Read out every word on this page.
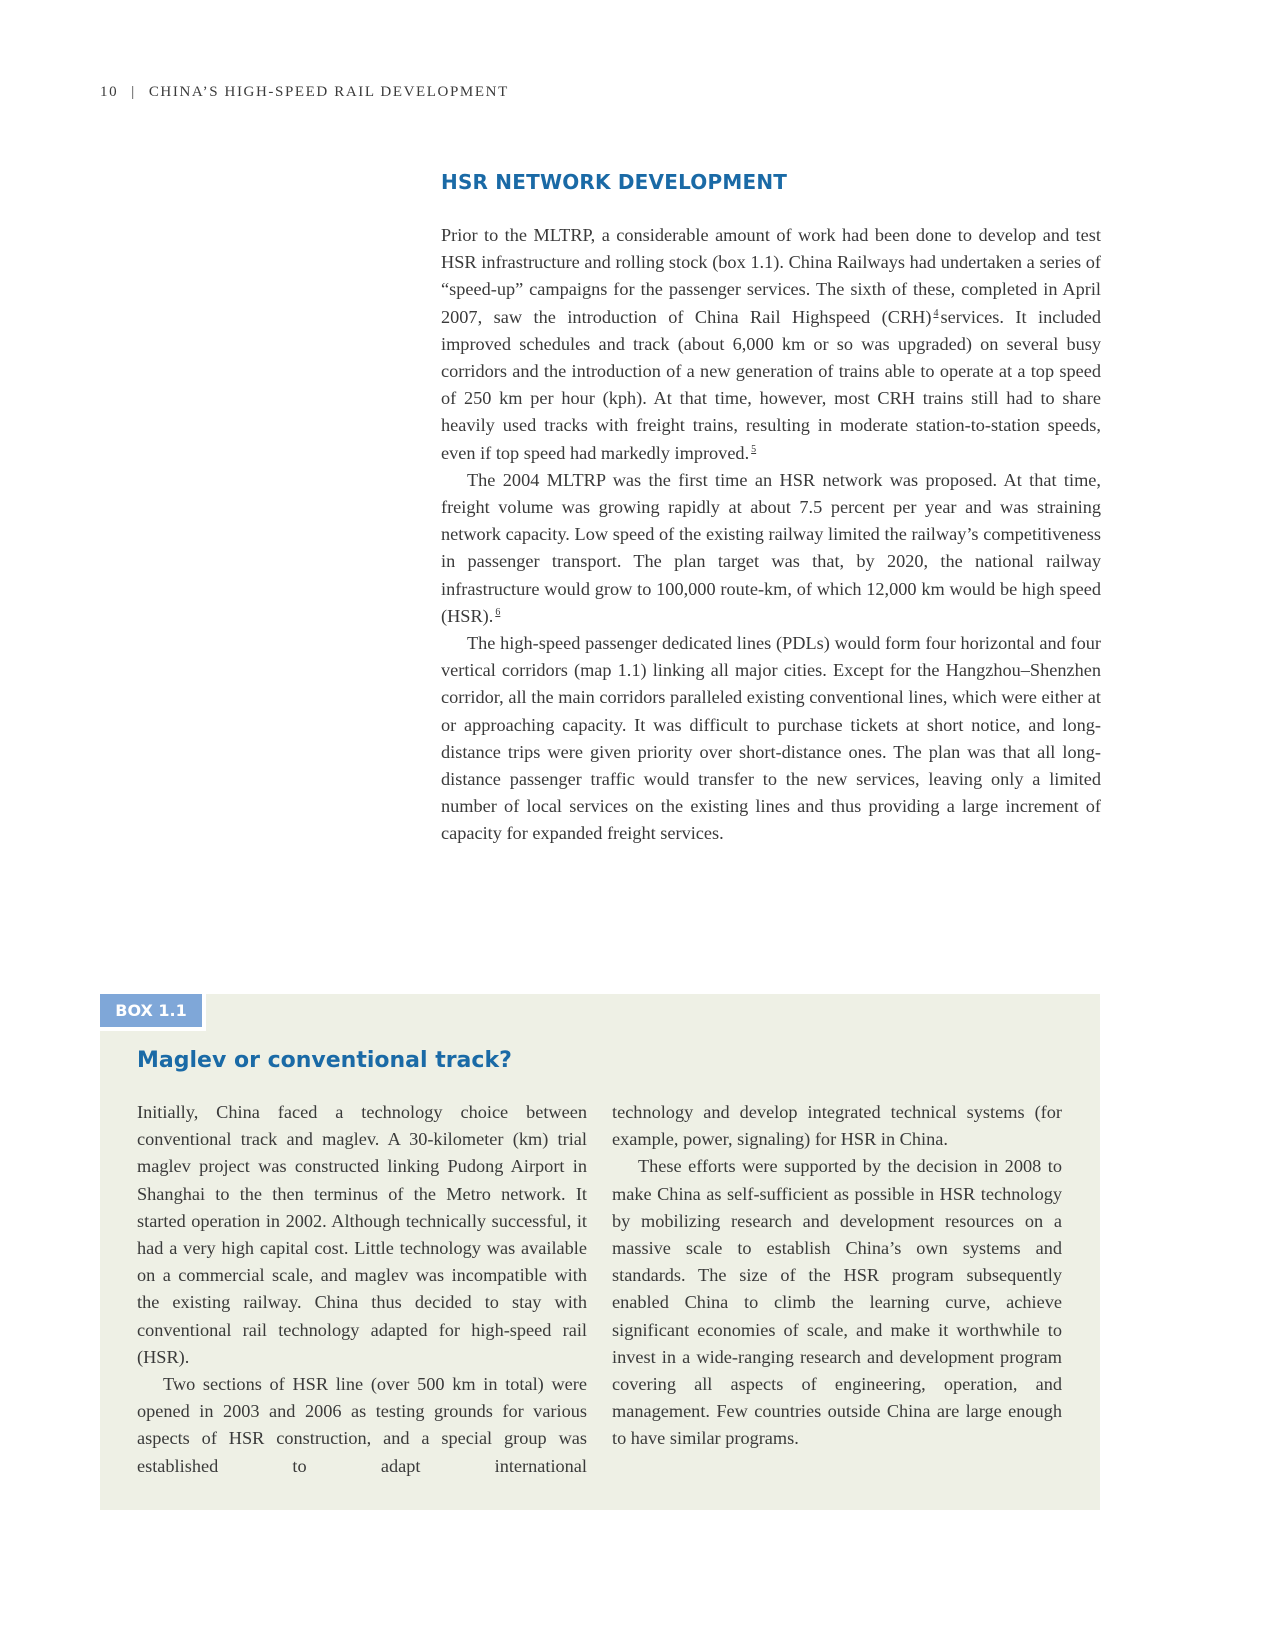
10 | CHINA’S HIGH-SPEED RAIL DEVELOPMENT
HSR NETWORK DEVELOPMENT

Prior to the MLTRP, a considerable amount of work had been done to develop and test HSR infrastructure and rolling stock (box 1.1). China Railways had undertaken a series of “speed-up” campaigns for the passenger services. The sixth of these, completed in April 2007, saw the introduction of China Rail Highspeed (CRH) $^4$ services. It included improved schedules and track (about 6,000 km or so was upgraded) on several busy corridors and the introduction of a new generation of trains able to operate at a top speed of 250 km per hour (kph). At that time, however, most CRH trains still had to share heavily used tracks with freight trains, resulting in moderate station-to-station speeds, even if top speed had markedly improved. $^5$

The 2004 MLTRP was the first time an HSR network was proposed. At that time, freight volume was growing rapidly at about 7.5 percent per year and was straining network capacity. Low speed of the existing railway limited the railway’s competitiveness in passenger transport. The plan target was that, by 2020, the national railway infrastructure would grow to 100,000 route-km, of which 12,000 km would be high speed (HSR). $^6$

The high-speed passenger dedicated lines (PDLs) would form four horizontal and four vertical corridors (map 1.1) linking all major cities. Except for the Hangzhou–Shenzhen corridor, all the main corridors paralleled existing conventional lines, which were either at or approaching capacity. It was difficult to purchase tickets at short notice, and long-distance trips were given priority over short-distance ones. The plan was that all long-distance passenger traffic would transfer to the new services, leaving only a limited number of local services on the existing lines and thus providing a large increment of capacity for expanded freight services.

BOX 1.1
Maglev or conventional track?

Initially, China faced a technology choice between conventional track and maglev. A 30-kilometer (km) trial maglev project was constructed linking Pudong Airport in Shanghai to the then terminus of the Metro network. It started operation in 2002. Although technically successful, it had a very high capital cost. Little technology was available on a commercial scale, and maglev was incompatible with the existing railway. China thus decided to stay with conventional rail technology adapted for high-speed rail (HSR).

Two sections of HSR line (over 500 km in total) were opened in 2003 and 2006 as testing grounds for various aspects of HSR construction, and a special group was established to adapt international

technology and develop integrated technical systems (for example, power, signaling) for HSR in China.

These efforts were supported by the decision in 2008 to make China as self-sufficient as possible in HSR technology by mobilizing research and development resources on a massive scale to establish China’s own systems and standards. The size of the HSR program subsequently enabled China to climb the learning curve, achieve significant economies of scale, and make it worthwhile to invest in a wide-ranging research and development program covering all aspects of engineering, operation, and management. Few countries outside China are large enough to have similar programs.
